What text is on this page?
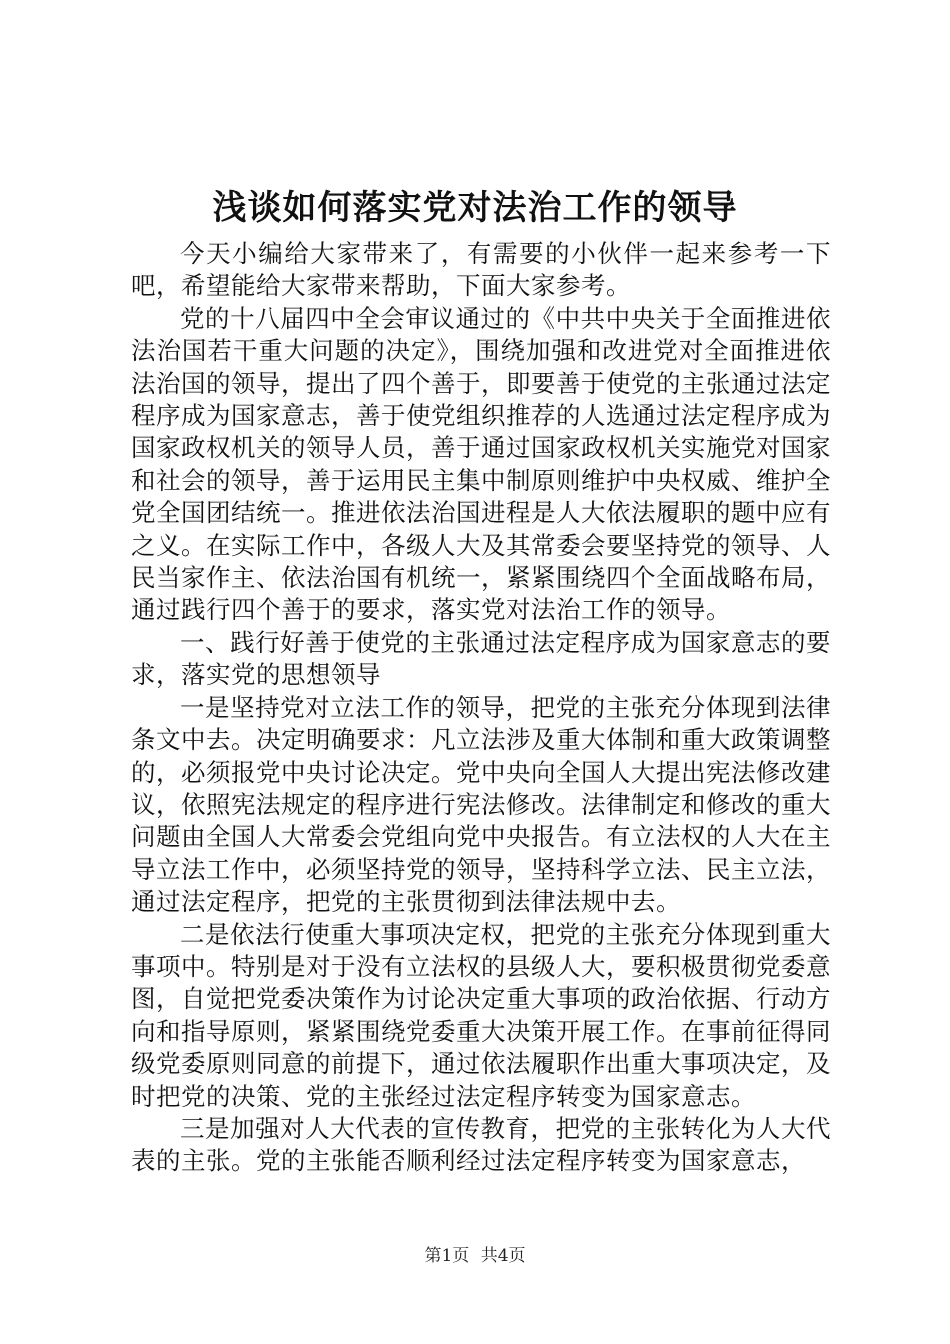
浅谈如何落实党对法治工作的领导

今天小编给大家带来了，有需要的小伙伴一起来参考一下吧，希望能给大家带来帮助，下面大家参考。

党的十八届四中全会审议通过的《中共中央关于全面推进依法治国若干重大问题的决定》，围绕加强和改进党对全面推进依法治国的领导，提出了四个善于，即要善于使党的主张通过法定程序成为国家意志，善于使党组织推荐的人选通过法定程序成为国家政权机关的领导人员，善于通过国家政权机关实施党对国家和社会的领导，善于运用民主集中制原则维护中央权威、维护全党全国团结统一。推进依法治国进程是人大依法履职的题中应有之义。在实际工作中，各级人大及其常委会要坚持党的领导、人民当家作主、依法治国有机统一，紧紧围绕四个全面战略布局，通过践行四个善于的要求，落实党对法治工作的领导。

一、践行好善于使党的主张通过法定程序成为国家意志的要求，落实党的思想领导

一是坚持党对立法工作的领导，把党的主张充分体现到法律条文中去。决定明确要求：凡立法涉及重大体制和重大政策调整的，必须报党中央讨论决定。党中央向全国人大提出宪法修改建议，依照宪法规定的程序进行宪法修改。法律制定和修改的重大问题由全国人大常委会党组向党中央报告。有立法权的人大在主导立法工作中，必须坚持党的领导，坚持科学立法、民主立法，通过法定程序，把党的主张贯彻到法律法规中去。

二是依法行使重大事项决定权，把党的主张充分体现到重大事项中。特别是对于没有立法权的县级人大，要积极贯彻党委意图，自觉把党委决策作为讨论决定重大事项的政治依据、行动方向和指导原则，紧紧围绕党委重大决策开展工作。在事前征得同级党委原则同意的前提下，通过依法履职作出重大事项决定，及时把党的决策、党的主张经过法定程序转变为国家意志。

三是加强对人大代表的宣传教育，把党的主张转化为人大代表的主张。党的主张能否顺利经过法定程序转变为国家意志，

第1页 共4页
